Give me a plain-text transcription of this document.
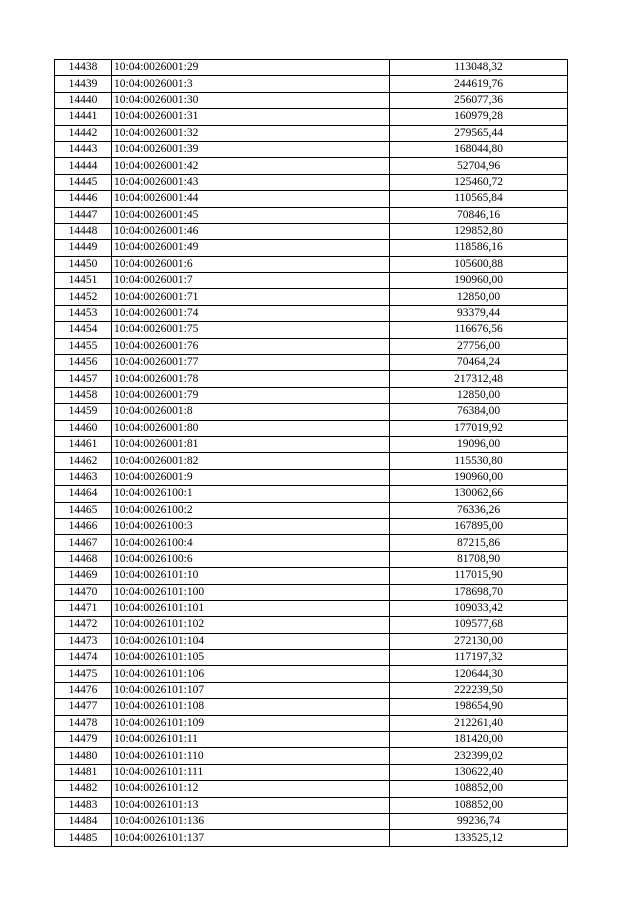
14438	10:04:0026001:29	113048,32
14439	10:04:0026001:3	244619,76
14440	10:04:0026001:30	256077,36
14441	10:04:0026001:31	160979,28
14442	10:04:0026001:32	279565,44
14443	10:04:0026001:39	168044,80
14444	10:04:0026001:42	52704,96
14445	10:04:0026001:43	125460,72
14446	10:04:0026001:44	110565,84
14447	10:04:0026001:45	70846,16
14448	10:04:0026001:46	129852,80
14449	10:04:0026001:49	118586,16
14450	10:04:0026001:6	105600,88
14451	10:04:0026001:7	190960,00
14452	10:04:0026001:71	12850,00
14453	10:04:0026001:74	93379,44
14454	10:04:0026001:75	116676,56
14455	10:04:0026001:76	27756,00
14456	10:04:0026001:77	70464,24
14457	10:04:0026001:78	217312,48
14458	10:04:0026001:79	12850,00
14459	10:04:0026001:8	76384,00
14460	10:04:0026001:80	177019,92
14461	10:04:0026001:81	19096,00
14462	10:04:0026001:82	115530,80
14463	10:04:0026001:9	190960,00
14464	10:04:0026100:1	130062,66
14465	10:04:0026100:2	76336,26
14466	10:04:0026100:3	167895,00
14467	10:04:0026100:4	87215,86
14468	10:04:0026100:6	81708,90
14469	10:04:0026101:10	117015,90
14470	10:04:0026101:100	178698,70
14471	10:04:0026101:101	109033,42
14472	10:04:0026101:102	109577,68
14473	10:04:0026101:104	272130,00
14474	10:04:0026101:105	117197,32
14475	10:04:0026101:106	120644,30
14476	10:04:0026101:107	222239,50
14477	10:04:0026101:108	198654,90
14478	10:04:0026101:109	212261,40
14479	10:04:0026101:11	181420,00
14480	10:04:0026101:110	232399,02
14481	10:04:0026101:111	130622,40
14482	10:04:0026101:12	108852,00
14483	10:04:0026101:13	108852,00
14484	10:04:0026101:136	99236,74
14485	10:04:0026101:137	133525,12
